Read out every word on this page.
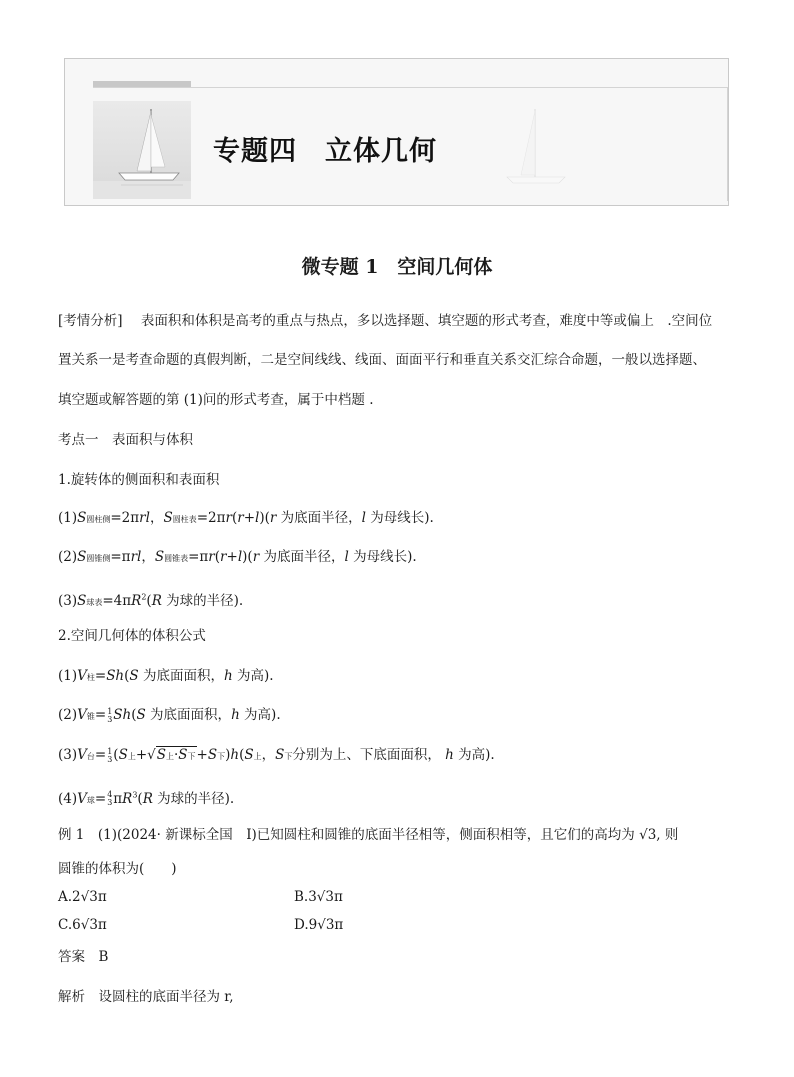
专题四　立体几何
微专题 1　空间几何体
[考情分析] 表面积和体积是高考的重点与热点，多以选择题、填空题的形式考查，难度中等或偏上　.空间位
置关系一是考查命题的真假判断，二是空间线线、线面、面面平行和垂直关系交汇综合命题，一般以选择题、
填空题或解答题的第 (1)问的形式考查，属于中档题 .
考点一　表面积与体积
1.旋转体的侧面积和表面积
(1)S圆柱侧=2πrl，S圆柱表=2πr(r+l)(r 为底面半径，l 为母线长).
(2)S圆锥侧=πrl，S圆锥表=πr(r+l)(r 为底面半径，l 为母线长).
(3)S球表$=4\pi R^2(R$ 为球的半径).
2.空间几何体的体积公式
(1)V柱=Sh(S 为底面面积，h 为高).
(2)V锥= 1
3 Sh(S 为底面面积，h 为高).
(3)V台= 1
3 (S上+√S上·S下+S下)h(S上，S下分别为上、下底面面积， h 为高).
(4)V球= 4
3 $\pi R^3(R$ 为球的半径).
例 1　(1)(2024· 新课标全国　Ⅰ)已知圆柱和圆锥的底面半径相等，侧面积相等，且它们的高均为 √3, 则
圆锥的体积为(　　)
A.2√3π	B.3√3π
C.6√3π	D.9√3π
答案　B
解析　设圆柱的底面半径为 r,
